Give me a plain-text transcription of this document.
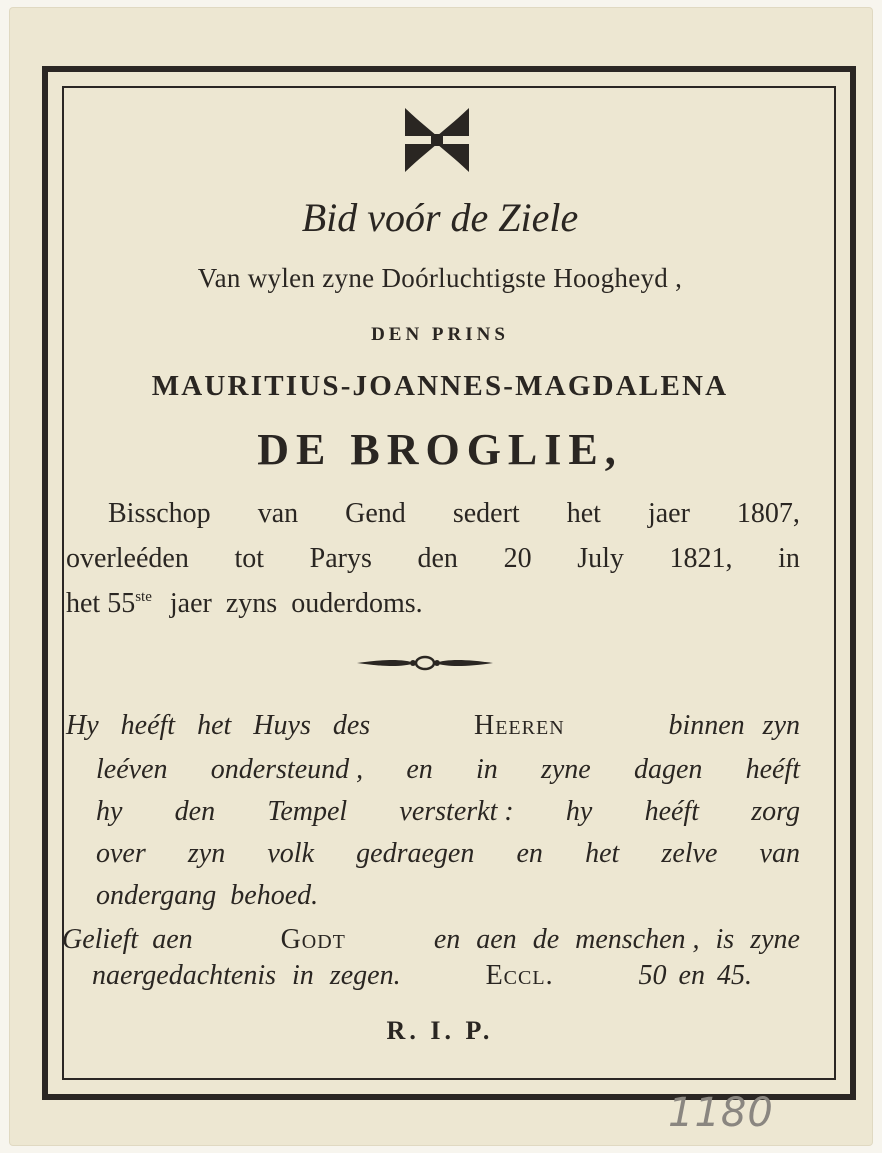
Bid voór de Ziele

Van wylen zyne Doórluchtigste Hoogheyd ,

DEN PRINS

MAURITIUS-JOANNES-MAGDALENA

DE BROGLIE,

Bisschop van Gend sedert het jaer 1807,

overleéden tot Parys den 20 July 1821, in

het 55ste jaer zyns ouderdoms.

Hy heéft het Huys des	Heeren	binnen zyn

leéven ondersteund , en in zyne dagen heéft

hy den Tempel versterkt : hy heéft zorg

over zyn volk gedraegen en het zelve van

ondergang behoed.

Gelieft aen	Godt	en aen de menschen , is zyne

naergedachtenis in zegen.	Eccl.	50 en 45.

R. I. P.

1180
